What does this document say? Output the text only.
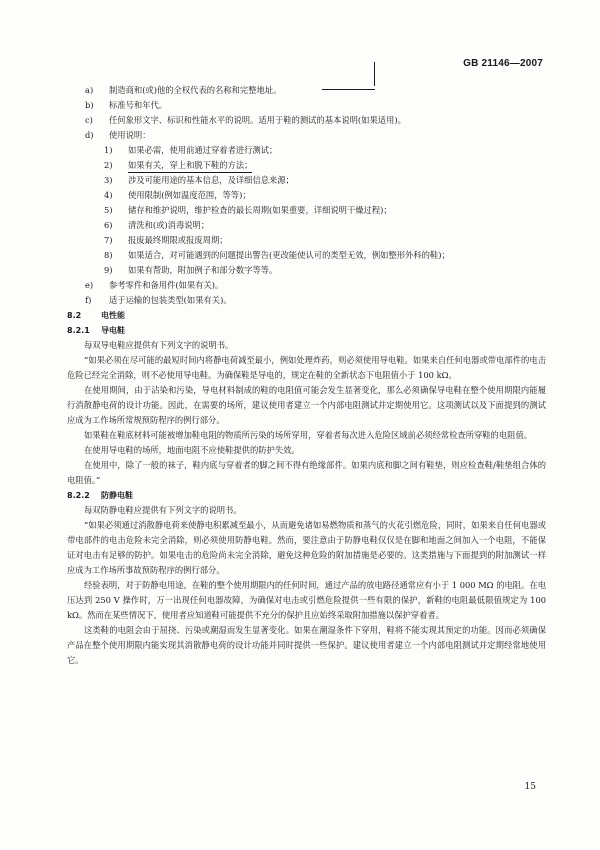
GB 21146—2007
a)	制造商和(或)他的全权代表的名称和完整地址。
b)	标准号和年代。
c)	任何象形文字、标识和性能水平的说明。适用于鞋的测试的基本说明(如果适用)。
d)	使用说明：
1)	如果必需，使用前通过穿着者进行测试；
2)	如果有关，穿上和脱下鞋的方法；
3)	涉及可能用途的基本信息，及详细信息来源；
4)	使用限制(例如温度范围，等等)；
5)	储存和维护说明，维护检查的最长周期(如果重要，详细说明干燥过程)；
6)	清洗和(或)消毒说明；
7)	报废最终期限或报废周期；
8)	如果适合，对可能遇到的问题提出警告(更改能使认可的类型无效，例如整形外科的鞋)；
9)	如果有帮助，附加例子和部分数字等等。
e)	参考零件和备用件(如果有关)。
f)	适于运输的包装类型(如果有关)。
8.2 电性能
8.2.1 导电鞋

每双导电鞋应提供有下列文字的说明书。

“如果必须在尽可能的最短时间内将静电荷减至最小，例如处理炸药，则必须使用导电鞋。如果来自任何电器或带电部件的电击危险已经完全消除，则不必使用导电鞋。为确保鞋是导电的，规定在鞋的全新状态下电阻值小于 100 kΩ。

在使用期间，由于沾染和污染，导电材料制成的鞋的电阻值可能会发生显著变化，那么必须确保导电鞋在整个使用期限内能履行消散静电荷的设计功能。因此，在需要的场所，建议使用者建立一个内部电阻测试并定期使用它。这项测试以及下面提到的测试应成为工作场所常规预防程序的例行部分。

如果鞋在鞋底材料可能被增加鞋电阻的物质所污染的场所穿用，穿着者每次进入危险区域前必须经常检查所穿鞋的电阻值。

在使用导电鞋的场所，地面电阻不应使鞋提供的防护失效。

在使用中，除了一般的袜子，鞋内底与穿着者的脚之间不得有绝缘部件。如果内底和脚之间有鞋垫，则应检查鞋/鞋垫组合体的电阻值。”

8.2.2 防静电鞋

每双防静电鞋应提供有下列文字的说明书。

“如果必须通过消散静电荷来使静电积累减至最小，从而避免诸如易燃物质和蒸气的火花引燃危险，同时，如果来自任何电器或带电部件的电击危险未完全消除，则必须使用防静电鞋。然而，要注意由于防静电鞋仅仅是在脚和地面之间加入一个电阻，不能保证对电击有足够的防护。如果电击的危险尚未完全消除，避免这种危险的附加措施是必要的。这类措施与下面提到的附加测试一样应成为工作场所事故预防程序的例行部分。

经验表明，对于防静电用途，在鞋的整个使用期限内的任何时间，通过产品的放电路径通常应有小于 1 000 MΩ 的电阻。在电压达到 250 V 操作时，万一出现任何电器故障，为确保对电击或引燃危险提供一些有限的保护，新鞋的电阻最低限值规定为 100 kΩ。然而在某些情况下，使用者应知道鞋可能提供不充分的保护且应始终采取附加措施以保护穿着者。

这类鞋的电阻会由于屈挠、污染或潮湿而发生显著变化。如果在潮湿条件下穿用，鞋将不能实现其预定的功能。因而必须确保产品在整个使用期限内能实现其消散静电荷的设计功能并同时提供一些保护。建议使用者建立一个内部电阻测试并定期经常地使用它。

15
